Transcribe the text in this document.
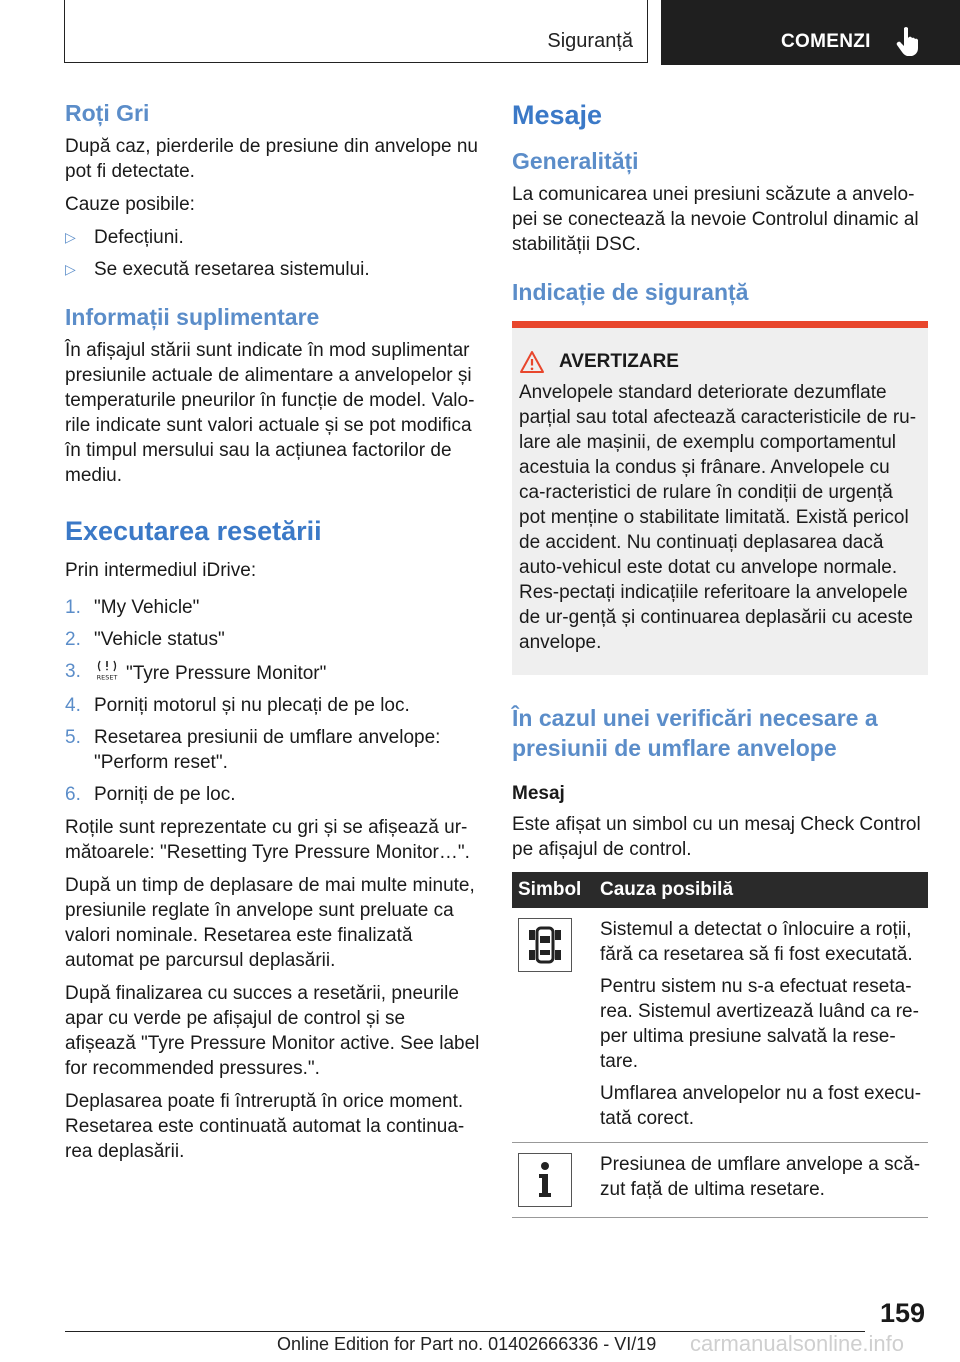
Siguranță	COMENZI
Roți Gri

După caz, pierderile de presiune din anvelope nu pot fi detectate.

Cauze posibile:

▷ Defecțiuni.
▷ Se execută resetarea sistemului.
Informații suplimentare

În afișajul stării sunt indicate în mod suplimentar presiunile actuale de alimentare a anvelopelor și temperaturile pneurilor în funcție de model. Valo-rile indicate sunt valori actuale și se pot modifica în timpul mersului sau la acțiunea factorilor de mediu.

Executarea resetării

Prin intermediul iDrive:

1. "My Vehicle"
2. "Vehicle status"
3. RESET "Tyre Pressure Monitor"
4. Porniți motorul și nu plecați de pe loc.
5. Resetarea presiunii de umflare anvelope: "Perform reset".
6. Porniți de pe loc.

Roțile sunt reprezentate cu gri și se afișează ur-mătoarele: "Resetting Tyre Pressure Monitor…".

După un timp de deplasare de mai multe minute, presiunile reglate în anvelope sunt preluate ca valori nominale. Resetarea este finalizată automat pe parcursul deplasării.

După finalizarea cu succes a resetării, pneurile apar cu verde pe afișajul de control și se afișează "Tyre Pressure Monitor active. See label for recommended pressures.".

Deplasarea poate fi întreruptă în orice moment. Resetarea este continuată automat la continua-rea deplasării.

Mesaje
Generalități

La comunicarea unei presiuni scăzute a anvelo-pei se conectează la nevoie Controlul dinamic al stabilității DSC.

Indicație de siguranță
AVERTIZARE

Anvelopele standard deteriorate dezumflate parțial sau total afectează caracteristicile de ru-lare ale mașinii, de exemplu comportamentul acestuia la condus și frânare. Anvelopele cu ca-racteristici de rulare în condiții de urgență pot menține o stabilitate limitată. Există pericol de accident. Nu continuați deplasarea dacă auto-vehicul este dotat cu anvelope normale. Res-pectați indicațiile referitoare la anvelopele de ur-gență și continuarea deplasării cu aceste anvelope.

În cazul unei verificări necesare a presiunii de umflare anvelope
Mesaj

Este afișat un simbol cu un mesaj Check Control pe afișajul de control.

Simbol	Cauza posibilă

Sistemul a detectat o înlocuire a roții, fără ca resetarea să fi fost executată.

Pentru sistem nu s-a efectuat reseta-rea. Sistemul avertizează luând ca re-per ultima presiune salvată la rese-tare.

Umflarea anvelopelor nu a fost execu-tată corect.

Presiunea de umflare anvelope a scă-zut față de ultima resetare.

159
Online Edition for Part no. 01402666336 - VI/19 carmanualsonline.info
